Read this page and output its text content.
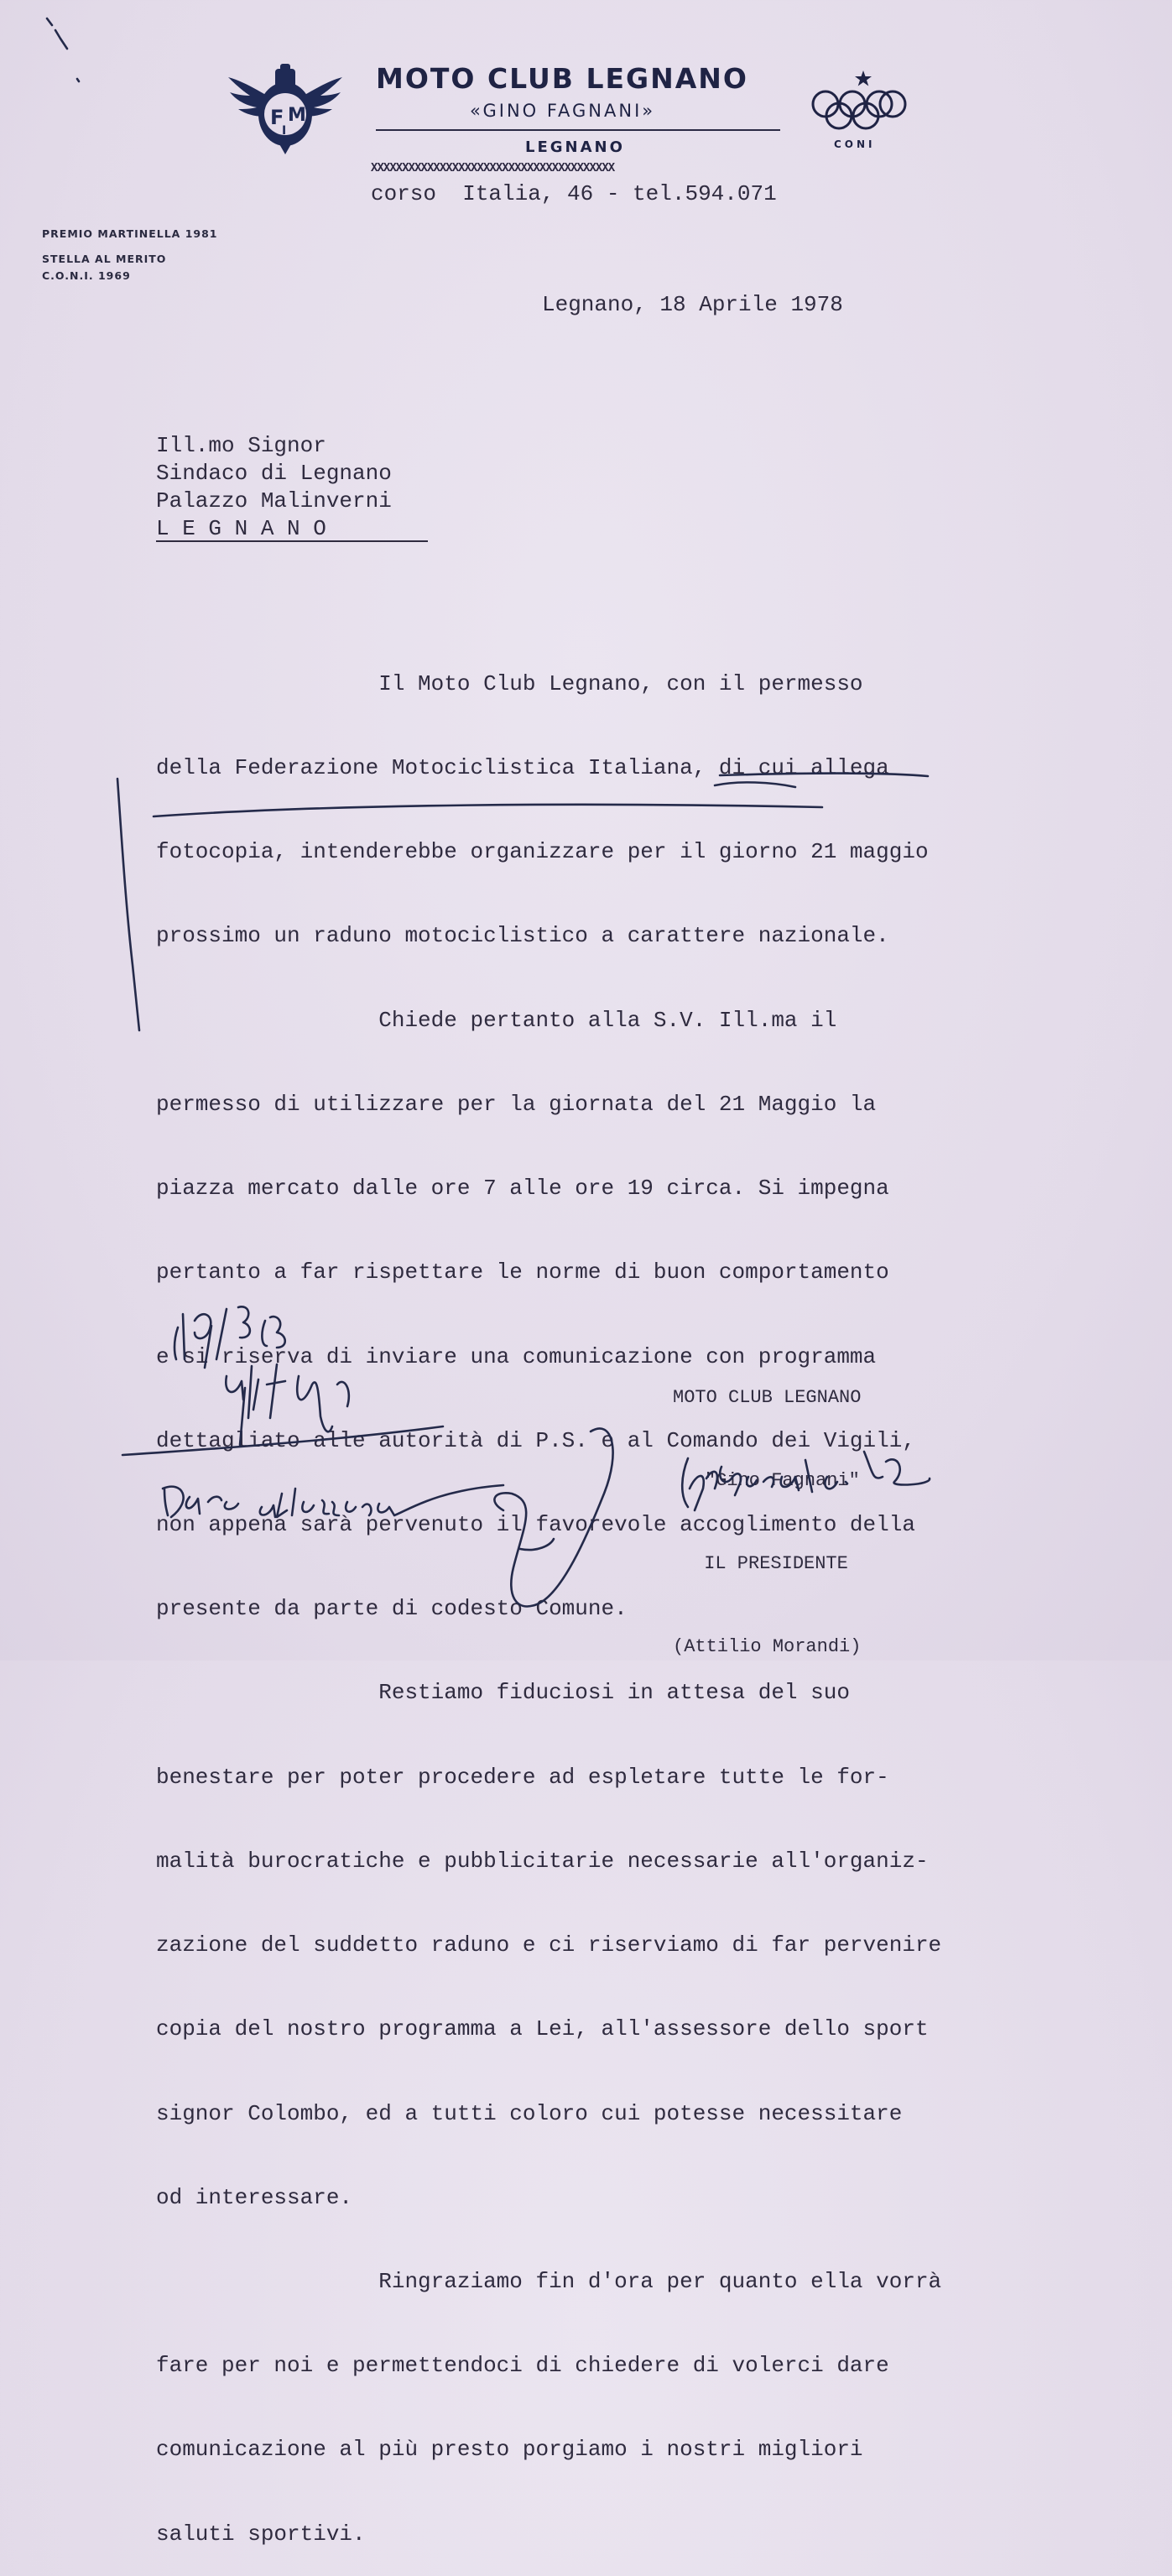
F M
I
MOTO CLUB LEGNANO
«GINO FAGNANI»
LEGNANO
XXXXXXXXXXXXXXXXXXXXXXXXXXXXXXXXXXXXXXX
corso  Italia, 46 - tel.594.071
CONI
PREMIO MARTINELLA 1981
STELLA AL MERITO
C.O.N.I. 1969
Legnano, 18 Aprile 1978
Ill.mo Signor
Sindaco di Legnano
Palazzo Malinverni
L E G N A N O

Il Moto Club Legnano, con il permesso

della Federazione Motociclistica Italiana, di cui allega

fotocopia, intenderebbe organizzare per il giorno 21 maggio

prossimo un raduno motociclistico a carattere nazionale.

Chiede pertanto alla S.V. Ill.ma il

permesso di utilizzare per la giornata del 21 Maggio la

piazza mercato dalle ore 7 alle ore 19 circa. Si impegna

pertanto a far rispettare le norme di buon comportamento

e si riserva di inviare una comunicazione con programma

dettagliato alle autorità di P.S. e al Comando dei Vigili,

non appena sarà pervenuto il favorevole accoglimento della

presente da parte di codesto Comune.

Restiamo fiduciosi in attesa del suo

benestare per poter procedere ad espletare tutte le for-

malità burocratiche e pubblicitarie necessarie all'organiz-

zazione del suddetto raduno e ci riserviamo di far pervenire

copia del nostro programma a Lei, all'assessore dello sport

signor Colombo, ed a tutti coloro cui potesse necessitare

od interessare.

Ringraziamo fin d'ora per quanto ella vorrà

fare per noi e permettendoci di chiedere di volerci dare

comunicazione al più presto porgiamo i nostri migliori

saluti sportivi.

MOTO CLUB LEGNANO

"Gino Fagnani"

IL PRESIDENTE

(Attilio Morandi)
